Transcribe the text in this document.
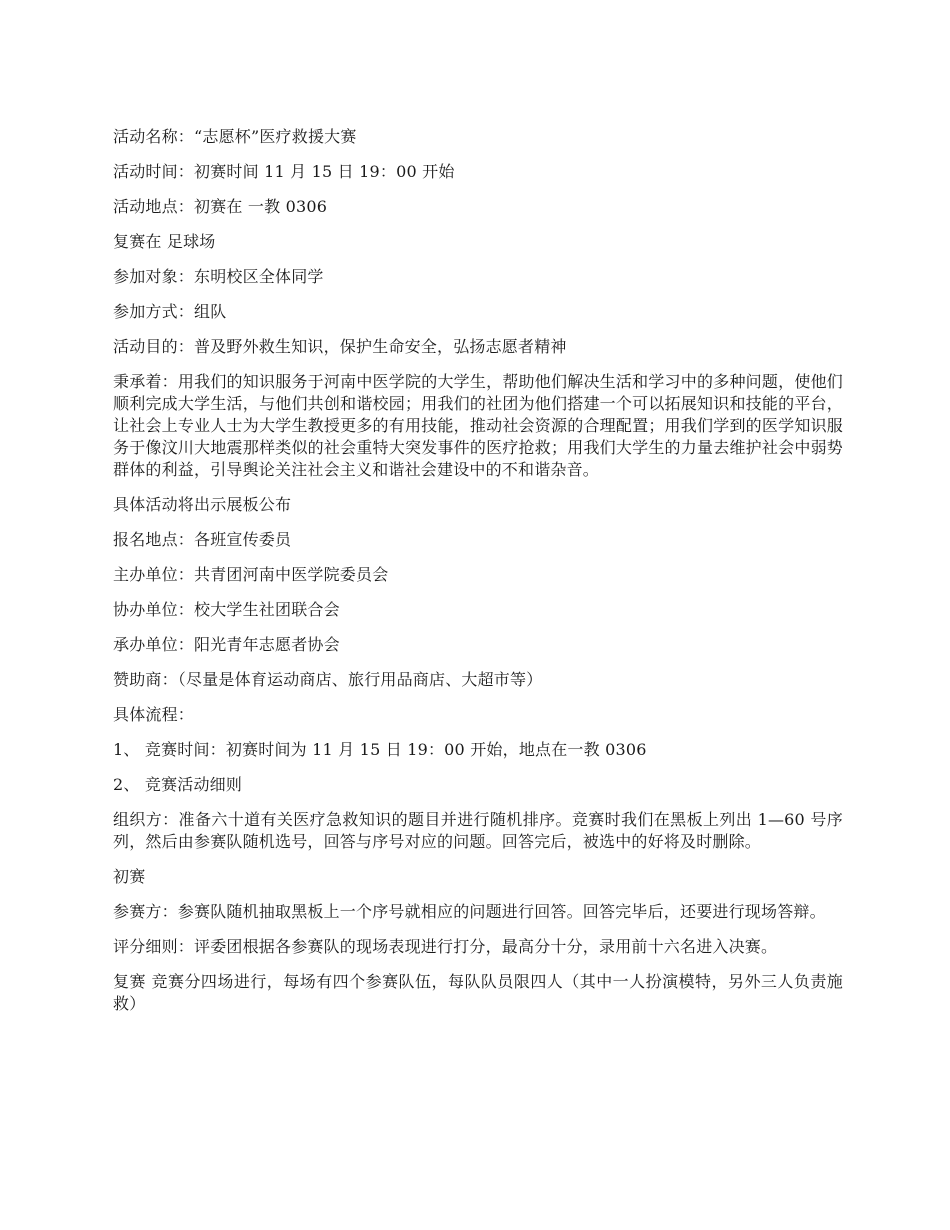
活动名称：“志愿杯”医疗救援大赛

活动时间：初赛时间 11 月 15 日 19：00 开始

活动地点：初赛在 一教 0306

复赛在 足球场

参加对象：东明校区全体同学

参加方式：组队

活动目的：普及野外救生知识，保护生命安全，弘扬志愿者精神

秉承着：用我们的知识服务于河南中医学院的大学生，帮助他们解决生活和学习中的多种问题，使他们顺利完成大学生活，与他们共创和谐校园；用我们的社团为他们搭建一个可以拓展知识和技能的平台，让社会上专业人士为大学生教授更多的有用技能，推动社会资源的合理配置；用我们学到的医学知识服务于像汶川大地震那样类似的社会重特大突发事件的医疗抢救；用我们大学生的力量去维护社会中弱势群体的利益，引导舆论关注社会主义和谐社会建设中的不和谐杂音。

具体活动将出示展板公布

报名地点：各班宣传委员

主办单位：共青团河南中医学院委员会

协办单位：校大学生社团联合会

承办单位：阳光青年志愿者协会

赞助商：（尽量是体育运动商店、旅行用品商店、大超市等）

具体流程：

1、 竞赛时间：初赛时间为 11 月 15 日 19：00 开始，地点在一教 0306

2、 竞赛活动细则

组织方：准备六十道有关医疗急救知识的题目并进行随机排序。竞赛时我们在黑板上列出 1—60 号序列，然后由参赛队随机选号，回答与序号对应的问题。回答完后，被选中的好将及时删除。

初赛

参赛方：参赛队随机抽取黑板上一个序号就相应的问题进行回答。回答完毕后，还要进行现场答辩。

评分细则：评委团根据各参赛队的现场表现进行打分，最高分十分，录用前十六名进入决赛。

复赛 竞赛分四场进行，每场有四个参赛队伍，每队队员限四人（其中一人扮演模特，另外三人负责施救）
